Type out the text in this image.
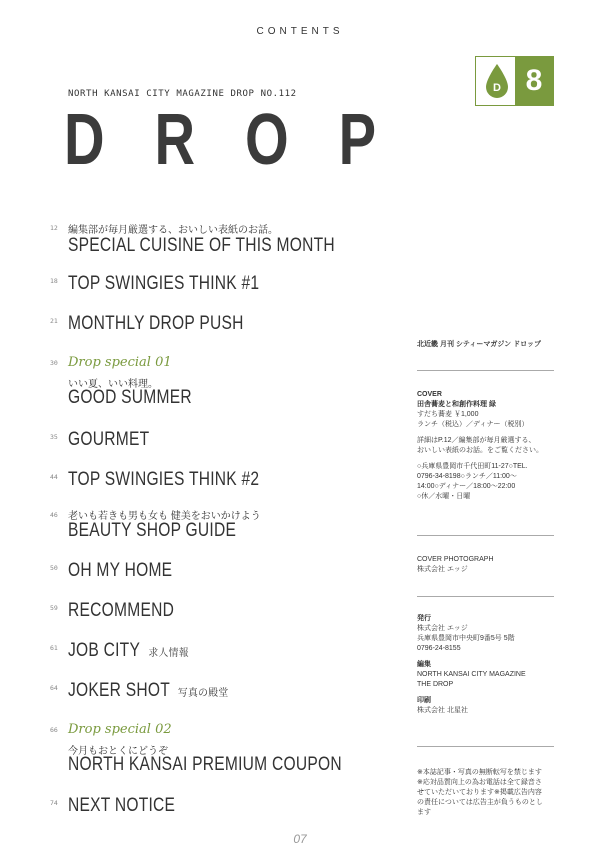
CONTENTS
NORTH KANSAI CITY MAGAZINE DROP NO.112
D R O P
D 8
12 編集部が毎月厳選する、おいしい表紙のお話。
SPECIAL CUISINE OF THIS MONTH
18 TOP SWINGIES THINK #1
21 MONTHLY DROP PUSH
30 Drop special 01
いい夏、いい料理。
GOOD SUMMER
35 GOURMET
44 TOP SWINGIES THINK #2
46 老いも若きも男も女も 健美をおいかけよう
BEAUTY SHOP GUIDE
50 OH MY HOME
59 RECOMMEND
61 JOB CITY 求人情報
64 JOKER SHOT 写真の殿堂
66 Drop special 02
今月もおとくにどうぞ
NORTH KANSAI PREMIUM COUPON
74 NEXT NOTICE
北近畿 月刊 シティーマガジン ドロップ
COVER
田舎蕎麦と和創作料理 緑
すだち蕎麦 ￥1,000
ランチ（税込）／ディナー（税別）
詳細はP.12／編集部が毎月厳選する、
おいしい表紙のお話。をご覧ください。
○兵庫県豊岡市千代田町11-27○TEL.
0796-34-8198○ランチ／11:00～
14:00○ディナー／18:00～22:00
○休／水曜・日曜
COVER PHOTOGRAPH
株式会社 エッジ
発行
株式会社 エッジ
兵庫県豊岡市中央町9番5号 5階
0796-24-8155
編集
NORTH KANSAI CITY MAGAZINE
THE DROP
印刷
株式会社 北星社
※本誌記事・写真の無断転写を禁じます
※応対品質向上の為お電話は全て録音さ
せていただいております※掲載広告内容
の責任については広告主が負うものとし
ます
07
